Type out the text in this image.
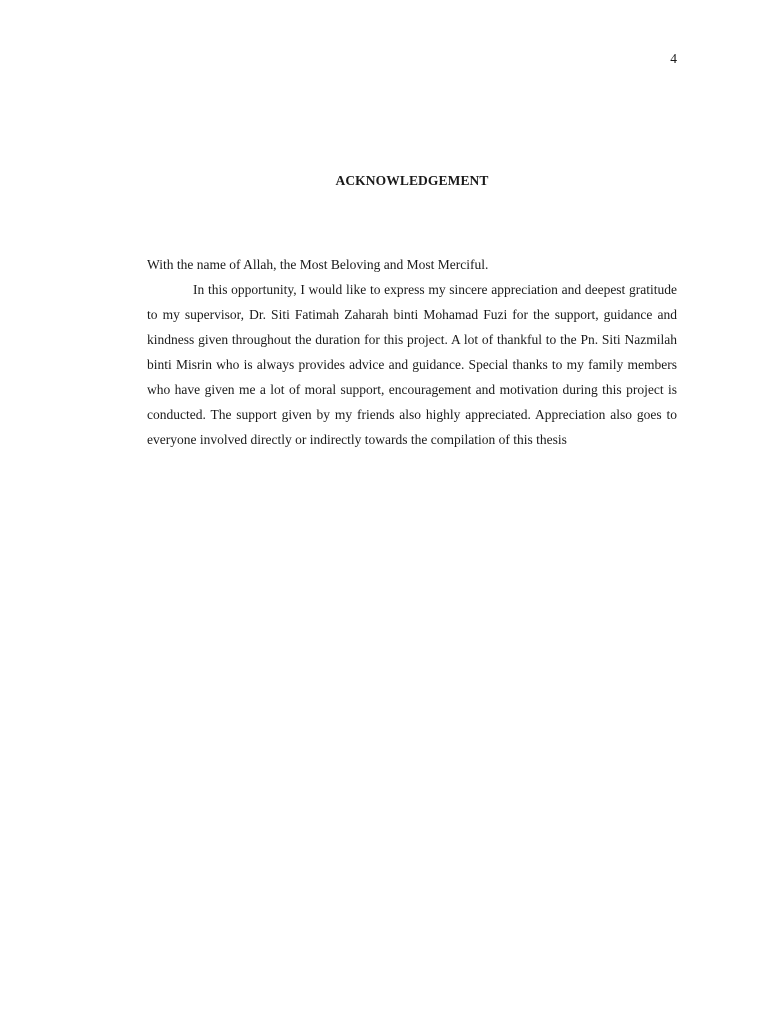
4
ACKNOWLEDGEMENT

With the name of Allah, the Most Beloving and Most Merciful.

In this opportunity, I would like to express my sincere appreciation and deepest gratitude to my supervisor, Dr. Siti Fatimah Zaharah binti Mohamad Fuzi for the support, guidance and kindness given throughout the duration for this project. A lot of thankful to the Pn. Siti Nazmilah binti Misrin who is always provides advice and guidance. Special thanks to my family members who have given me a lot of moral support, encouragement and motivation during this project is conducted. The support given by my friends also highly appreciated. Appreciation also goes to everyone involved directly or indirectly towards the compilation of this thesis
